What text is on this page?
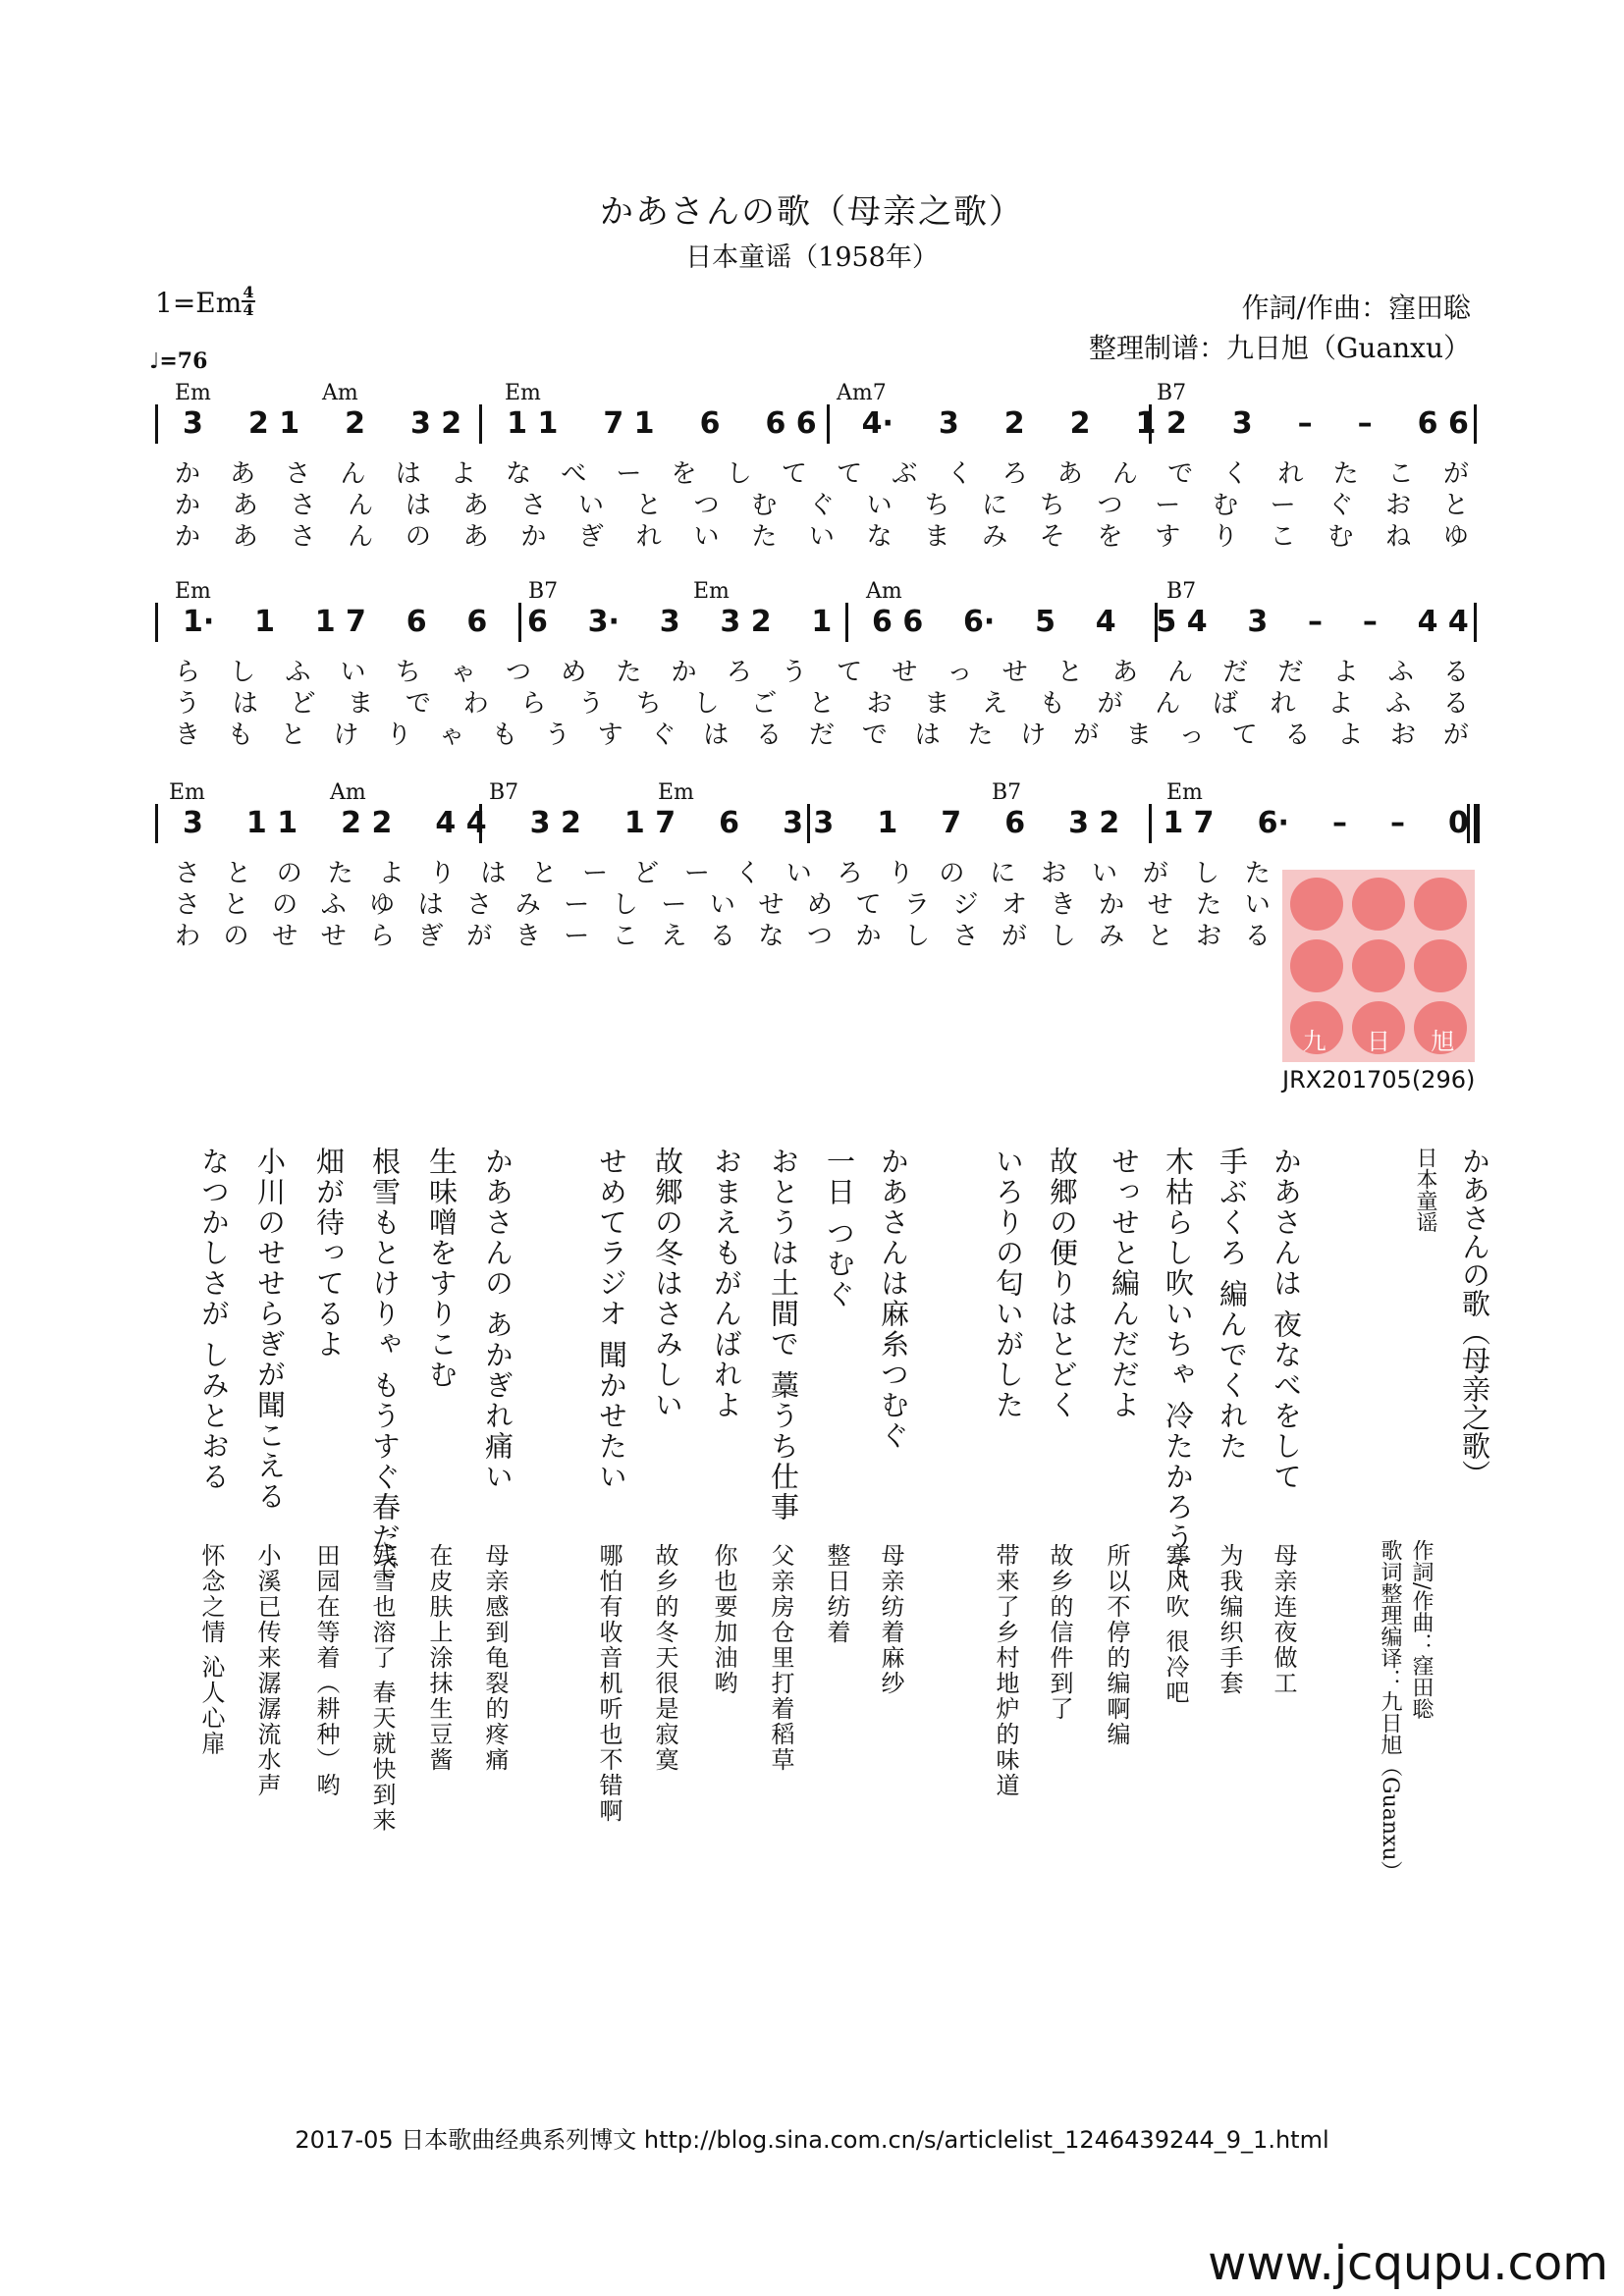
かあさんの歌（母亲之歌）
日本童谣（1958年）
1=Em 4
4
♩=76
作詞/作曲：窪田聡
整理制谱：九日旭（Guanxu）
Em	Am	Em	Am7	B7
3 2 1 2 3 2 1 1 7 1 6 6 6 4· 3 2 2 1 2 3 – – 6 6
か あ さ ん は よ な べ ー を し て て ぶ く ろ あ ん で く れ た こ が
か あ さ ん は あ さ い と つ む ぐ い ち に ち つ ー む ー ぐ お と
か あ さ ん の あ か ぎ れ い た い な ま み そ を す り こ む ね ゆ
Em	B7	Em	Am	B7
1· 1 1 7 6 6 6 3· 3 3 2 1 6 6 6· 5 4 5 4 3 – – 4 4
ら し ふ い ち ゃ つ め た か ろ う て せ っ せ と あ ん だ だ よ ふ る
う は ど ま で わ ら う ち し ご と お ま え も が ん ば れ よ ふ る
き も と け り ゃ も う す ぐ は る だ で は た け が ま っ て る よ お が
Em	Am	B7	Em	B7	Em
3 1 1 2 2 4 4 3 2 1 7 6 3 3 1 7 6 3 2 1 7 6· – – 0
さ と の た よ り は と ー ど ー く い ろ り の に お い が し た
さ と の ふ ゆ は さ み ー し ー い せ め て ラ ジ オ き か せ た い
わ の せ せ ら ぎ が き ー こ え る な つ か し さ が し み と お る
九 日 旭
JRX201705(296)
かあさんの歌（母亲之歌）
日本童谣
作詞/作曲：窪田聡
歌词整理编译：九日旭（Guanxu）
かあさんは 夜なべをして
手ぶくろ 編んでくれた
木枯らし吹いちゃ 冷たかろうて
せっせと編んだだよ
故郷の便りはとどく
いろりの匂いがした
かあさんは麻糸つむぐ
一日 つむぐ
おとうは土間で 藁うち仕事
おまえもがんばれよ
故郷の冬はさみしい
せめてラジオ 聞かせたい
かあさんの あかぎれ痛い
生味噌をすりこむ
根雪もとけりゃ もうすぐ春だで
畑が待ってるよ
小川のせせらぎが聞こえる
なつかしさが しみとおる
母亲连夜做工
为我编织手套
寒风吹 很冷吧
所以不停的编啊编
故乡的信件到了
带来了乡村地炉的味道
母亲纺着麻纱
整日纺着
父亲房仓里打着稻草
你也要加油哟
故乡的冬天很是寂寞
哪怕有收音机听也不错啊
母亲感到龟裂的疼痛
在皮肤上涂抹生豆酱
残雪也溶了 春天就快到来
田园在等着（耕种）哟
小溪已传来潺潺流水声
怀念之情 沁人心扉
2017-05 日本歌曲经典系列博文 http://blog.sina.com.cn/s/articlelist_1246439244_9_1.html
www.jcqupu.com
